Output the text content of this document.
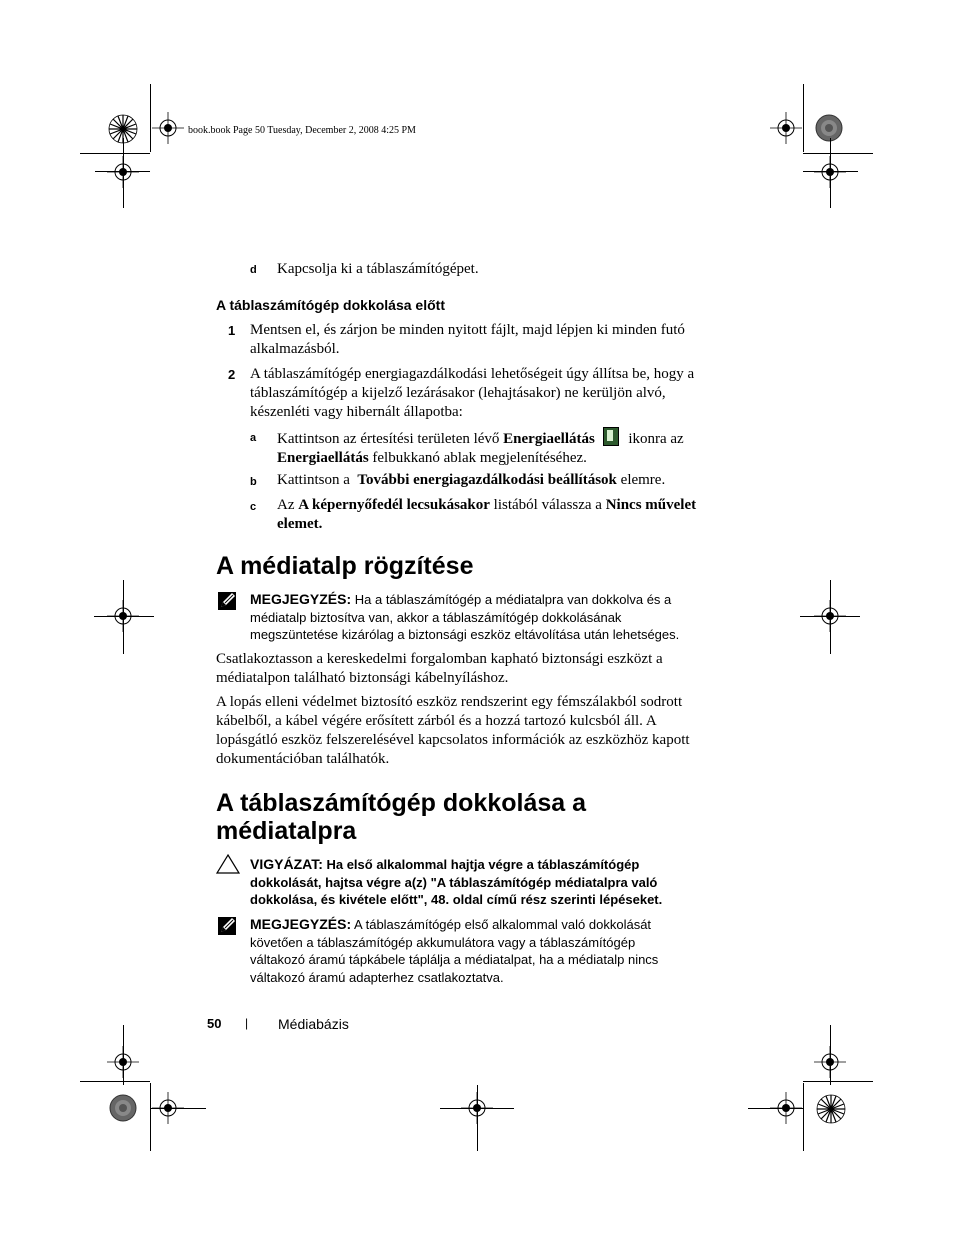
book.book Page 50 Tuesday, December 2, 2008 4:25 PM
d Kapcsolja ki a táblaszámítógépet.
A táblaszámítógép dokkolása előtt
1 Mentsen el, és zárjon be minden nyitott fájlt, majd lépjen ki minden futó
alkalmazásból.
2 A táblaszámítógép energiagazdálkodási lehetőségeit úgy állítsa be, hogy a
táblaszámítógép a kijelző lezárásakor (lehajtásakor) ne kerüljön alvó,
készenléti vagy hibernált állapotba:
a Kattintson az értesítési területen lévő Energiaellátás
ikonra az
Energiaellátás felbukkanó ablak megjelenítéséhez.
b Kattintson a  További energiagazdálkodási beállítások elemre.
c Az A képernyőfedél lecsukásakor listából válassza a Nincs művelet
elemet.
A médiatalp rögzítése
MEGJEGYZÉS: Ha a táblaszámítógép a médiatalpra van dokkolva és a
médiatalp biztosítva van, akkor a táblaszámítógép dokkolásának
megszüntetése kizárólag a biztonsági eszköz eltávolítása után lehetséges.
Csatlakoztasson a kereskedelmi forgalomban kapható biztonsági eszközt a
médiatalpon található biztonsági kábelnyíláshoz.
A lopás elleni védelmet biztosító eszköz rendszerint egy fémszálakból sodrott
kábelből, a kábel végére erősített zárból és a hozzá tartozó kulcsból áll. A
lopásgátló eszköz felszerelésével kapcsolatos információk az eszközhöz kapott
dokumentációban találhatók.
A táblaszámítógép dokkolása a
médiatalpra
VIGYÁZAT: Ha első alkalommal hajtja végre a táblaszámítógép
dokkolását, hajtsa végre a(z) "A táblaszámítógép médiatalpra való
dokkolása, és kivétele előtt", 48. oldal című rész szerinti lépéseket.
MEGJEGYZÉS: A táblaszámítógép első alkalommal való dokkolását
követően a táblaszámítógép akkumulátora vagy a táblaszámítógép
váltakozó áramú tápkábele táplálja a médiatalpat, ha a médiatalp nincs
váltakozó áramú adapterhez csatlakoztatva.
50 | Médiabázis
